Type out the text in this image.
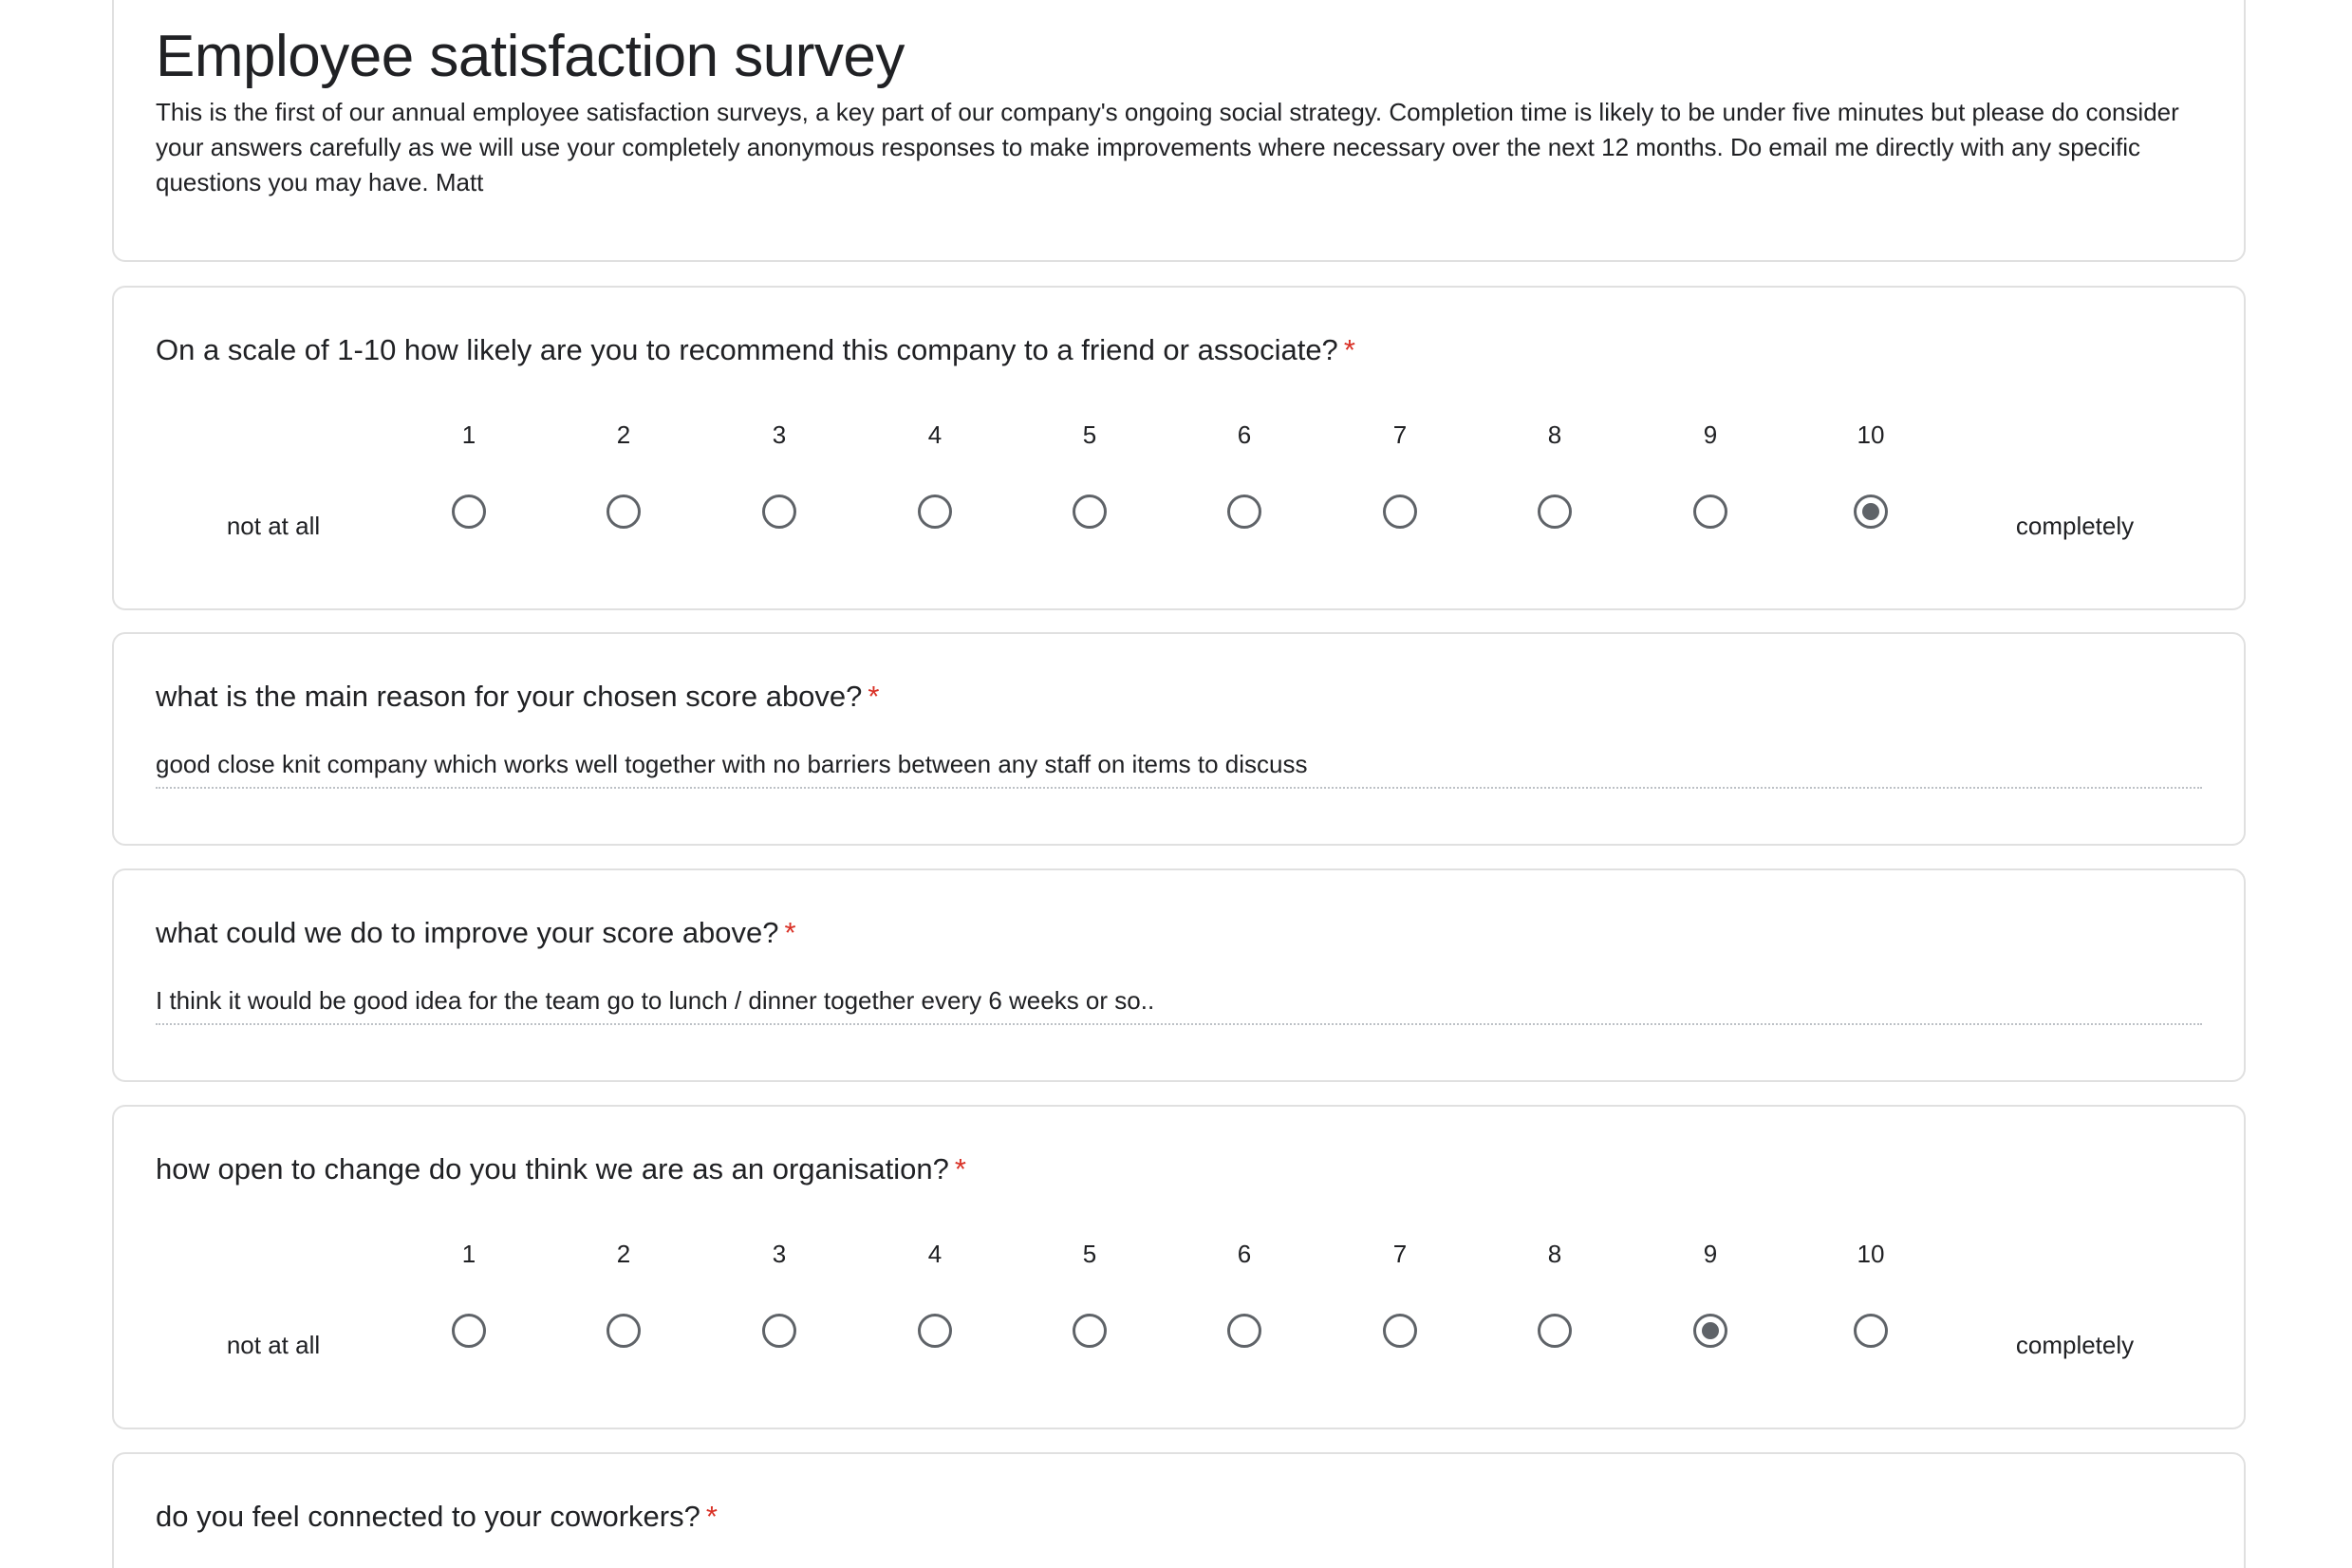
Employee satisfaction survey
This is the first of our annual employee satisfaction surveys, a key part of our company's ongoing social strategy. Completion time is likely to be under five minutes but please do consider your answers carefully as we will use your completely anonymous responses to make improvements where necessary over the next 12 months. Do email me directly with any specific questions you may have. Matt
On a scale of 1-10 how likely are you to recommend this company to a friend or associate? *
1	2	3	4	5	6	7	8	9	10
not at all	completely
what is the main reason for your chosen score above? *
good close knit company which works well together with no barriers between any staff on items to discuss
what could we do to improve your score above? *
I think it would be good idea for the team go to lunch / dinner together every 6 weeks or so..
how open to change do you think we are as an organisation? *
1	2	3	4	5	6	7	8	9	10
not at all	completely
do you feel connected to your coworkers? *
